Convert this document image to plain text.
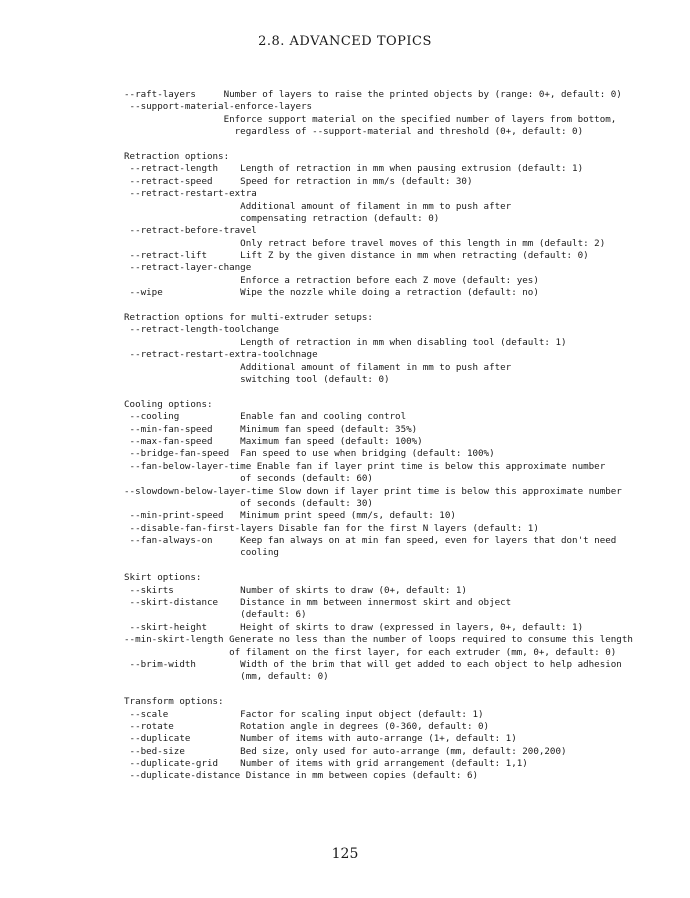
2.8. ADVANCED TOPICS
--raft-layers     Number of layers to raise the printed objects by (range: 0+, default: 0)
--support-material-enforce-layers
Enforce support material on the specified number of layers from bottom,
regardless of --support-material and threshold (0+, default: 0)
Retraction options:
--retract-length    Length of retraction in mm when pausing extrusion (default: 1)
--retract-speed     Speed for retraction in mm/s (default: 30)
--retract-restart-extra
Additional amount of filament in mm to push after
compensating retraction (default: 0)
--retract-before-travel
Only retract before travel moves of this length in mm (default: 2)
--retract-lift      Lift Z by the given distance in mm when retracting (default: 0)
--retract-layer-change
Enforce a retraction before each Z move (default: yes)
--wipe              Wipe the nozzle while doing a retraction (default: no)
Retraction options for multi-extruder setups:
--retract-length-toolchange
Length of retraction in mm when disabling tool (default: 1)
--retract-restart-extra-toolchnage
Additional amount of filament in mm to push after
switching tool (default: 0)
Cooling options:
--cooling           Enable fan and cooling control
--min-fan-speed     Minimum fan speed (default: 35%)
--max-fan-speed     Maximum fan speed (default: 100%)
--bridge-fan-speed  Fan speed to use when bridging (default: 100%)
--fan-below-layer-time Enable fan if layer print time is below this approximate number
of seconds (default: 60)
--slowdown-below-layer-time Slow down if layer print time is below this approximate number
of seconds (default: 30)
--min-print-speed   Minimum print speed (mm/s, default: 10)
--disable-fan-first-layers Disable fan for the first N layers (default: 1)
--fan-always-on     Keep fan always on at min fan speed, even for layers that don't need
cooling
Skirt options:
--skirts            Number of skirts to draw (0+, default: 1)
--skirt-distance    Distance in mm between innermost skirt and object
(default: 6)
--skirt-height      Height of skirts to draw (expressed in layers, 0+, default: 1)
--min-skirt-length Generate no less than the number of loops required to consume this length
of filament on the first layer, for each extruder (mm, 0+, default: 0)
--brim-width        Width of the brim that will get added to each object to help adhesion
(mm, default: 0)
Transform options:
--scale             Factor for scaling input object (default: 1)
--rotate            Rotation angle in degrees (0-360, default: 0)
--duplicate         Number of items with auto-arrange (1+, default: 1)
--bed-size          Bed size, only used for auto-arrange (mm, default: 200,200)
--duplicate-grid    Number of items with grid arrangement (default: 1,1)
--duplicate-distance Distance in mm between copies (default: 6)
125
